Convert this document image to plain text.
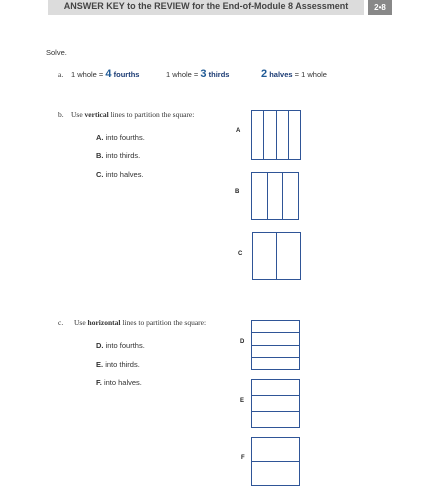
ANSWER KEY to the REVIEW for the End-of-Module 8 Assessment	2•8
Solve.
a. 1 whole = 4 fourths	1 whole = 3 thirds	2 halves = 1 whole
b. Use vertical lines to partition the square:
A. into fourths.
B. into thirds.
C. into halves.
A
B
C
c. Use horizontal lines to partition the square:
D. into fourths.
E. into thirds.
F. into halves.
D
E
F
